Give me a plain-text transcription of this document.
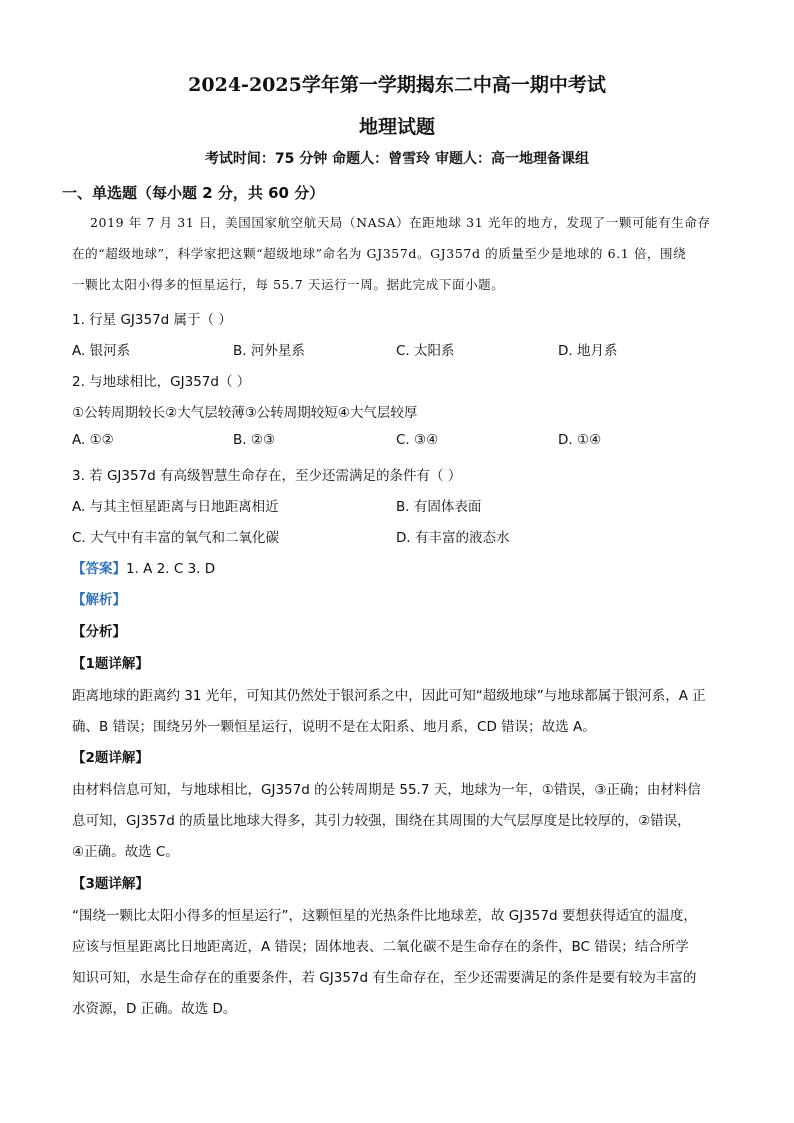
2024-2025学年第一学期揭东二中高一期中考试
地理试题
考试时间：75 分钟 命题人：曾雪玲 审题人：高一地理备课组
一、单选题（每小题 2 分，共 60 分）
2019 年 7 月 31 日，美国国家航空航天局（NASA）在距地球 31 光年的地方，发现了一颗可能有生命存
在的“超级地球”，科学家把这颗“超级地球”命名为 GJ357d。GJ357d 的质量至少是地球的 6.1 倍，围绕
一颗比太阳小得多的恒星运行，每 55.7 天运行一周。据此完成下面小题。
1. 行星 GJ357d 属于（ ）
A. 银河系	B. 河外星系	C. 太阳系	D. 地月系
2. 与地球相比，GJ357d（ ）
①公转周期较长②大气层较薄③公转周期较短④大气层较厚
A. ①②	B. ②③	C. ③④	D. ①④
3. 若 GJ357d 有高级智慧生命存在，至少还需满足的条件有（ ）
A. 与其主恒星距离与日地距离相近	B. 有固体表面
C. 大气中有丰富的氧气和二氧化碳	D. 有丰富的液态水
【答案】1. A 2. C 3. D
【解析】
【分析】
【1题详解】
距离地球的距离约 31 光年，可知其仍然处于银河系之中，因此可知“超级地球”与地球都属于银河系，A 正
确、B 错误；围绕另外一颗恒星运行，说明不是在太阳系、地月系，CD 错误；故选 A。
【2题详解】
由材料信息可知，与地球相比，GJ357d 的公转周期是 55.7 天，地球为一年，①错误，③正确；由材料信
息可知，GJ357d 的质量比地球大得多，其引力较强，围绕在其周围的大气层厚度是比较厚的，②错误，
④正确。故选 C。
【3题详解】
“围绕一颗比太阳小得多的恒星运行”，这颗恒星的光热条件比地球差，故 GJ357d 要想获得适宜的温度，
应该与恒星距离比日地距离近，A 错误；固体地表、二氧化碳不是生命存在的条件，BC 错误；结合所学
知识可知，水是生命存在的重要条件，若 GJ357d 有生命存在，至少还需要满足的条件是要有较为丰富的
水资源，D 正确。故选 D。
